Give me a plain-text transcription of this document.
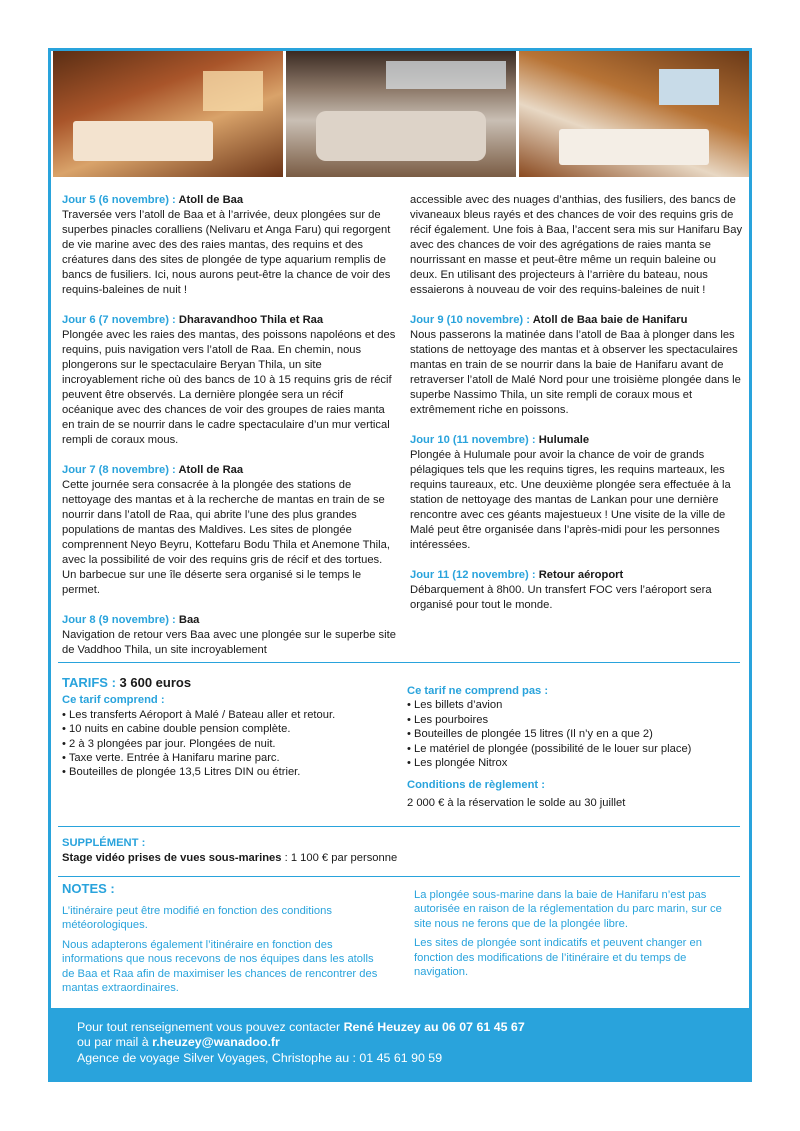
Jour 5 (6 novembre) : Atoll de Baa
Traversée vers l’atoll de Baa et à l’arrivée, deux plongées sur de superbes pinacles coralliens (Nelivaru et Anga Faru) qui regorgent de vie marine avec des des raies mantas, des requins et des créatures dans des sites de plongée de type aquarium remplis de bancs de fusiliers. Ici, nous aurons peut-être la chance de voir des requins-baleines de nuit !
Jour 6 (7 novembre) : Dharavandhoo Thila et Raa
Plongée avec les raies des mantas, des poissons napoléons et des requins, puis navigation vers l’atoll de Raa. En chemin, nous plongerons sur le spectaculaire Beryan Thila, un site incroyablement riche où des bancs de 10 à 15 requins gris de récif peuvent être observés. La dernière plongée sera un récif océanique avec des chances de voir des groupes de raies manta en train de se nourrir dans le cadre spectaculaire d’un mur vertical rempli de coraux mous.
Jour 7 (8 novembre) : Atoll de Raa
Cette journée sera consacrée à la plongée des stations de nettoyage des mantas et à la recherche de mantas en train de se nourrir dans l’atoll de Raa, qui abrite l’une des plus grandes populations de mantas des Maldives. Les sites de plongée comprennent Neyo Beyru, Kottefaru Bodu Thila et Anemone Thila, avec la possibilité de voir des requins gris de récif et des tortues. Un barbecue sur une île déserte sera organisé si le temps le permet.
Jour 8 (9 novembre) : Baa
Navigation de retour vers Baa avec une plongée sur le superbe site de Vaddhoo Thila, un site incroyablement
accessible avec des nuages d’anthias, des fusiliers, des bancs de vivaneaux bleus rayés et des chances de voir des requins gris de récif également. Une fois à Baa, l’accent sera mis sur Hanifaru Bay avec des chances de voir des agrégations de raies manta se nourrissant en masse et peut-être même un requin baleine ou deux. En utilisant des projecteurs à l’arrière du bateau, nous essaierons à nouveau de voir des requins-baleines de nuit !
Jour 9 (10 novembre) : Atoll de Baa baie de Hanifaru
Nous passerons la matinée dans l’atoll de Baa à plonger dans les stations de nettoyage des mantas et à observer les spectaculaires mantas en train de se nourrir dans la baie de Hanifaru avant de retraverser l’atoll de Malé Nord pour une troisième plongée dans le superbe Nassimo Thila, un site rempli de coraux mous et extrêmement riche en poissons.
Jour 10 (11 novembre) : Hulumale
Plongée à Hulumale pour avoir la chance de voir de grands pélagiques tels que les requins tigres, les requins marteaux, les requins taureaux, etc. Une deuxième plongée sera effectuée à la station de nettoyage des mantas de Lankan pour une dernière rencontre avec ces géants majestueux ! Une visite de la ville de Malé peut être organisée dans l’après-midi pour les personnes intéressées.
Jour 11 (12 novembre) : Retour aéroport
Débarquement à 8h00. Un transfert FOC vers l’aéroport sera organisé pour tout le monde.
TARIFS : 3 600 euros
Ce tarif comprend :
• Les transferts Aéroport à Malé / Bateau aller et retour.
• 10 nuits en cabine double pension complète.
• 2 à 3 plongées par jour. Plongées de nuit.
• Taxe verte. Entrée à Hanifaru marine parc.
• Bouteilles de plongée 13,5 Litres DIN ou étrier.
Ce tarif ne comprend pas :
• Les billets d’avion
• Les pourboires
• Bouteilles de plongée 15 litres (Il n’y en a que 2)
• Le matériel de plongée (possibilité de le louer sur place)
• Les plongée Nitrox
Conditions de règlement :
2 000 € à la réservation le solde au 30 juillet
SUPPLÉMENT :
Stage vidéo prises de vues sous-marines : 1 100 € par personne
NOTES :

L’itinéraire peut être modifié en fonction des conditions météorologiques.

Nous adapterons également l’itinéraire en fonction des informations que nous recevons de nos équipes dans les atolls de Baa et Raa afin de maximiser les chances de rencontrer des mantas extraordinaires.

La plongée sous-marine dans la baie de Hanifaru n’est pas autorisée en raison de la réglementation du parc marin, sur ce site nous ne ferons que de la plongée libre.

Les sites de plongée sont indicatifs et peuvent changer en fonction des modifications de l’itinéraire et du temps de navigation.

Pour tout renseignement vous pouvez contacter René Heuzey au 06 07 61 45 67
ou par mail à r.heuzey@wanadoo.fr
Agence de voyage Silver Voyages, Christophe au : 01 45 61 90 59
